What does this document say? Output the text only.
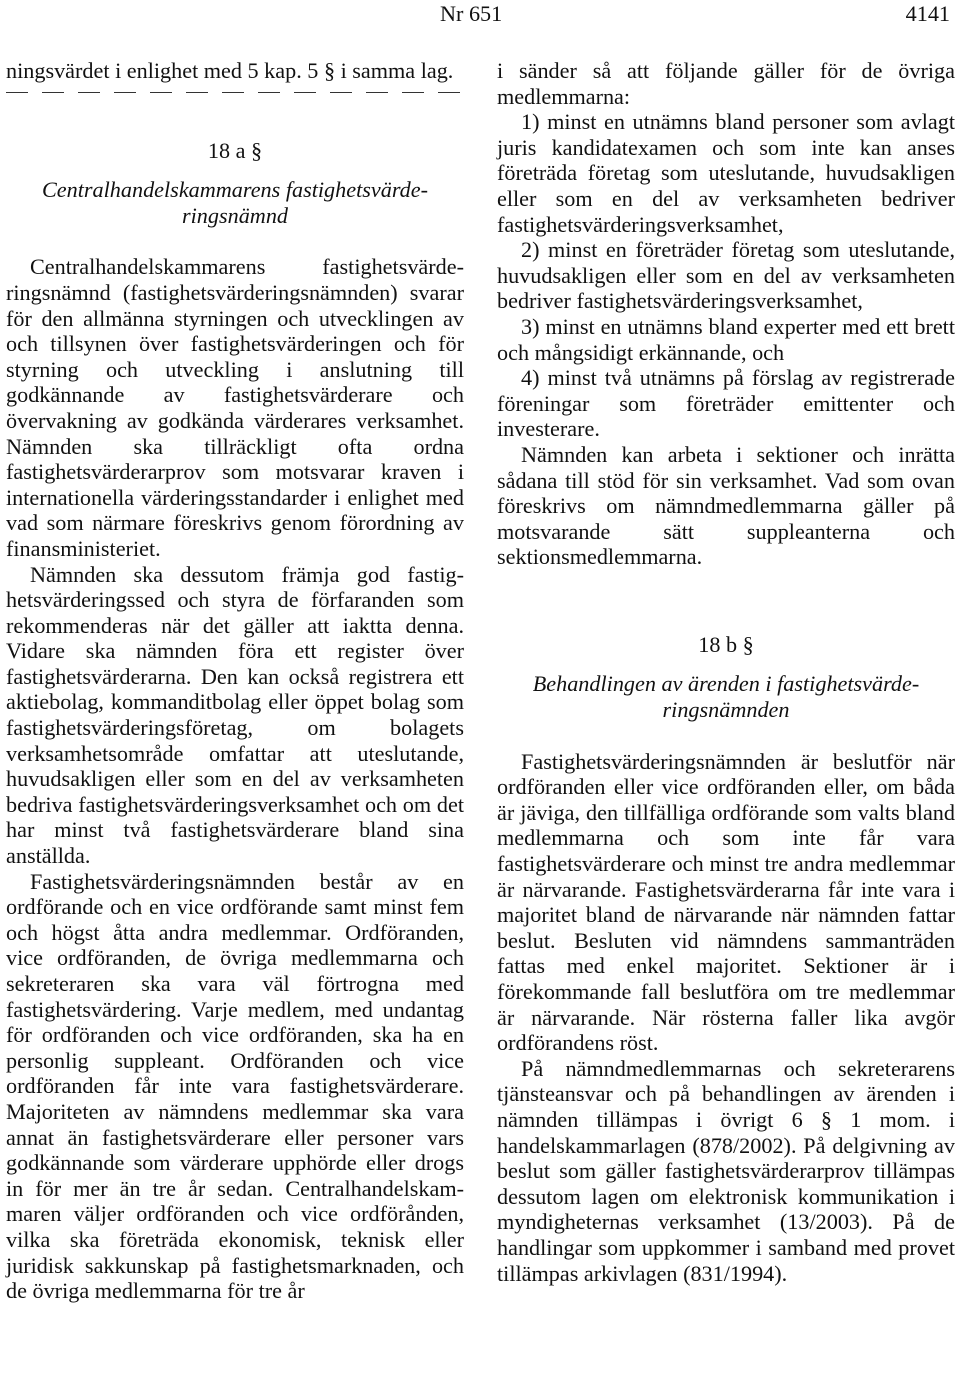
Nr 651	4141

ningsvärdet i enlighet med 5 kap. 5 § i samma lag.

18 a §

Centralhandelskammarens fastighetsvärderingsnämnd

Centralhandelskammarens fastighetsvärderingsnämnd (fastighetsvärderingsnämnden) svarar för den allmänna styrningen och utvecklingen av och tillsynen över fastighetsvärderingen och för styrning och utveckling i anslutning till godkännande av fastighetsvärderare och övervakning av godkända värderares verksamhet. Nämnden ska tillräckligt ofta ordna fastighetsvärderarprov som motsvarar kraven i internationella värderingsstandarder i enlighet med vad som närmare föreskrivs genom förordning av finansministeriet.

Nämnden ska dessutom främja god fastighetsvärderingssed och styra de förfaranden som rekommenderas när det gäller att iaktta denna. Vidare ska nämnden föra ett register över fastighetsvärderarna. Den kan också registrera ett aktiebolag, kommanditbolag eller öppet bolag som fastighetsvärderingsföretag, om bolagets verksamhetsområde omfattar att uteslutande, huvudsakligen eller som en del av verksamheten bedriva fastighetsvärderingsverksamhet och om det har minst två fastighetsvärderare bland sina anställda.

Fastighetsvärderingsnämnden består av en ordförande och en vice ordförande samt minst fem och högst åtta andra medlemmar. Ordföranden, vice ordföranden, de övriga medlemmarna och sekreteraren ska vara väl förtrogna med fastighetsvärdering. Varje medlem, med undantag för ordföranden och vice ordföranden, ska ha en personlig suppleant. Ordföranden och vice ordföranden får inte vara fastighetsvärderare. Majoriteten av nämndens medlemmar ska vara annat än fastighetsvärderare eller personer vars godkännande som värderare upphörde eller drogs in för mer än tre år sedan. Centralhandelskammaren väljer ordföranden och vice ordförånden, vilka ska företräda ekonomisk, teknisk eller juridisk sakkunskap på fastighetsmarknaden, och de övriga medlemmarna för tre år

i sänder så att följande gäller för de övriga medlemmarna:

1) minst en utnämns bland personer som avlagt juris kandidatexamen och som inte kan anses företräda företag som uteslutande, huvudsakligen eller som en del av verksamheten bedriver fastighetsvärderingsverksamhet,

2) minst en företräder företag som uteslutande, huvudsakligen eller som en del av verksamheten bedriver fastighetsvärderingsverksamhet,

3) minst en utnämns bland experter med ett brett och mångsidigt erkännande, och

4) minst två utnämns på förslag av registrerade föreningar som företräder emittenter och investerare.

Nämnden kan arbeta i sektioner och inrätta sådana till stöd för sin verksamhet. Vad som ovan föreskrivs om nämndmedlemmarna gäller på motsvarande sätt suppleanterna och sektionsmedlemmarna.

18 b §

Behandlingen av ärenden i fastighetsvärderingsnämnden

Fastighetsvärderingsnämnden är beslutför när ordföranden eller vice ordföranden eller, om båda är jäviga, den tillfälliga ordförande som valts bland medlemmarna och som inte får vara fastighetsvärderare och minst tre andra medlemmar är närvarande. Fastighetsvärderarna får inte vara i majoritet bland de närvarande när nämnden fattar beslut. Besluten vid nämndens sammanträden fattas med enkel majoritet. Sektioner är i förekommande fall beslutföra om tre medlemmar är närvarande. När rösterna faller lika avgör ordförandens röst.

På nämndmedlemmarnas och sekreterarens tjänsteansvar och på behandlingen av ärenden i nämnden tillämpas i övrigt 6 § 1 mom. i handelskammarlagen (878/2002). På delgivning av beslut som gäller fastighetsvärderarprov tillämpas dessutom lagen om elektronisk kommunikation i myndigheternas verksamhet (13/2003). På de handlingar som uppkommer i samband med provet tillämpas arkivlagen (831/1994).
